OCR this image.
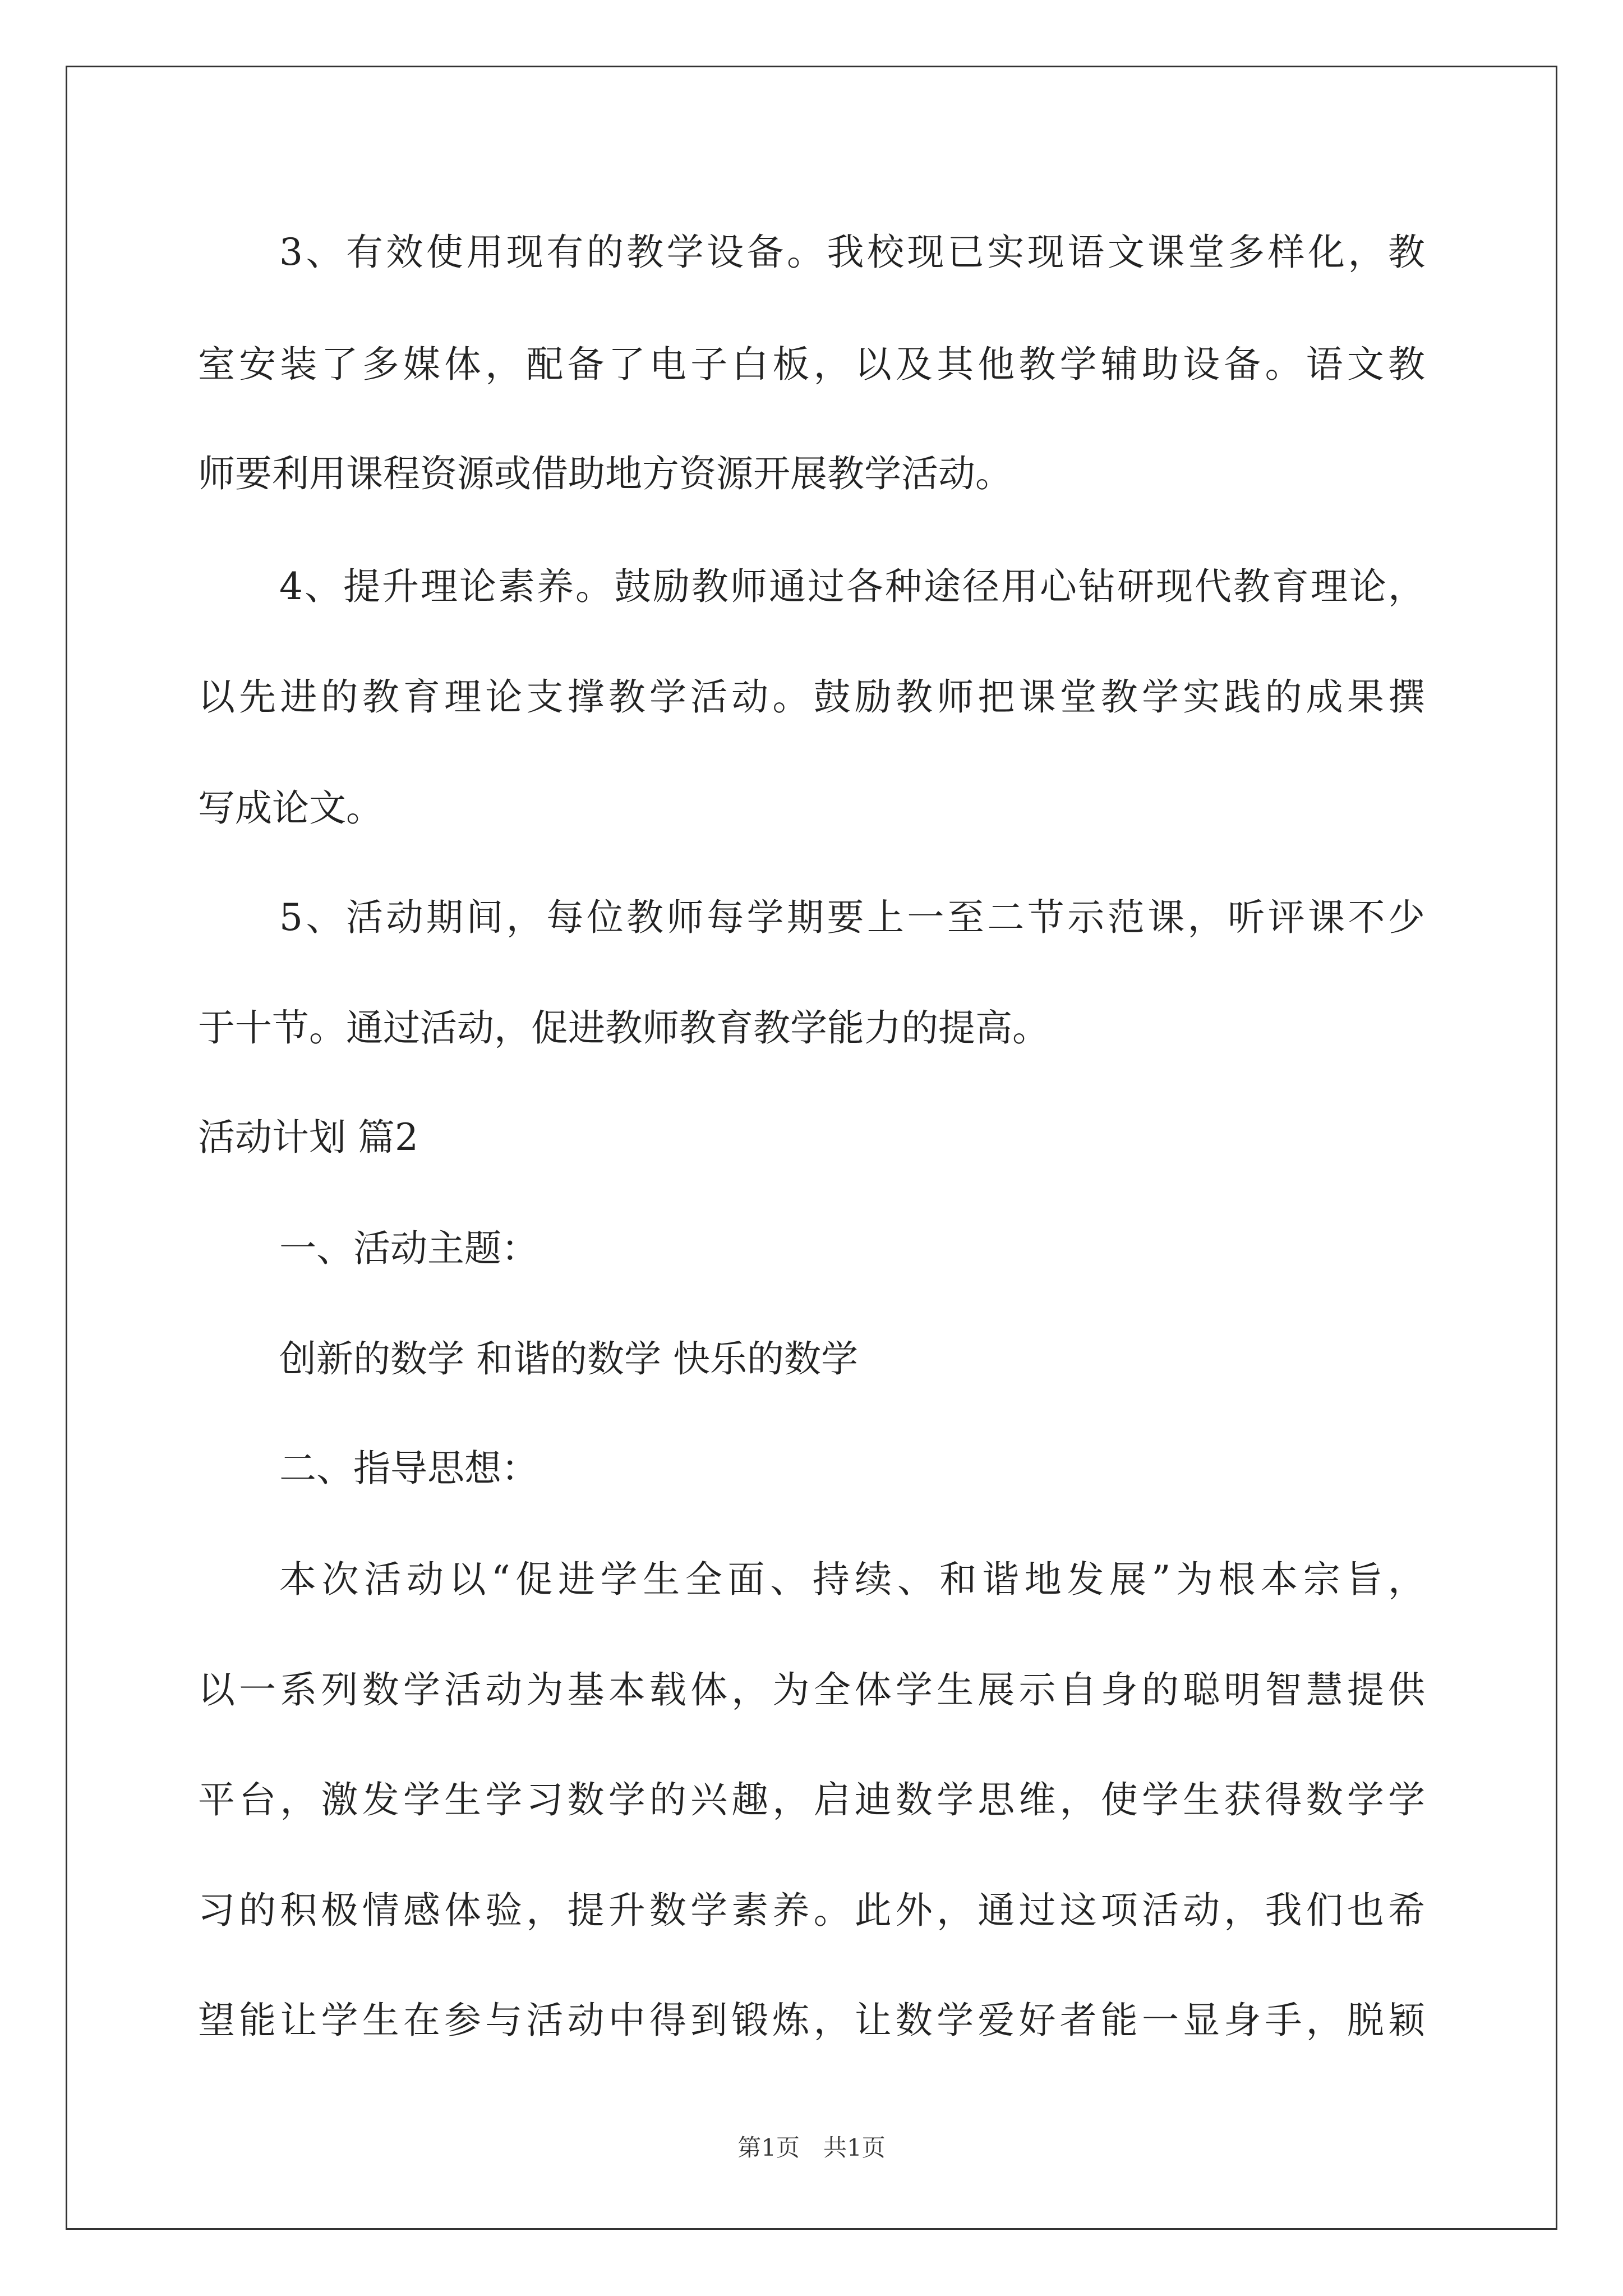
3、有效使用现有的教学设备。我校现已实现语文课堂多样化，教
室安装了多媒体，配备了电子白板，以及其他教学辅助设备。语文教
师要利用课程资源或借助地方资源开展教学活动。
4、提升理论素养。鼓励教师通过各种途径用心钻研现代教育理论，
以先进的教育理论支撑教学活动。鼓励教师把课堂教学实践的成果撰
写成论文。
5、活动期间，每位教师每学期要上一至二节示范课，听评课不少
于十节。通过活动，促进教师教育教学能力的提高。
活动计划 篇2
一、活动主题：
创新的数学 和谐的数学 快乐的数学
二、指导思想：
本次活动以“促进学生全面、持续、和谐地发展”为根本宗旨，
以一系列数学活动为基本载体，为全体学生展示自身的聪明智慧提供
平台，激发学生学习数学的兴趣，启迪数学思维，使学生获得数学学
习的积极情感体验，提升数学素养。此外，通过这项活动，我们也希
望能让学生在参与活动中得到锻炼，让数学爱好者能一显身手，脱颖
第1页　共1页
